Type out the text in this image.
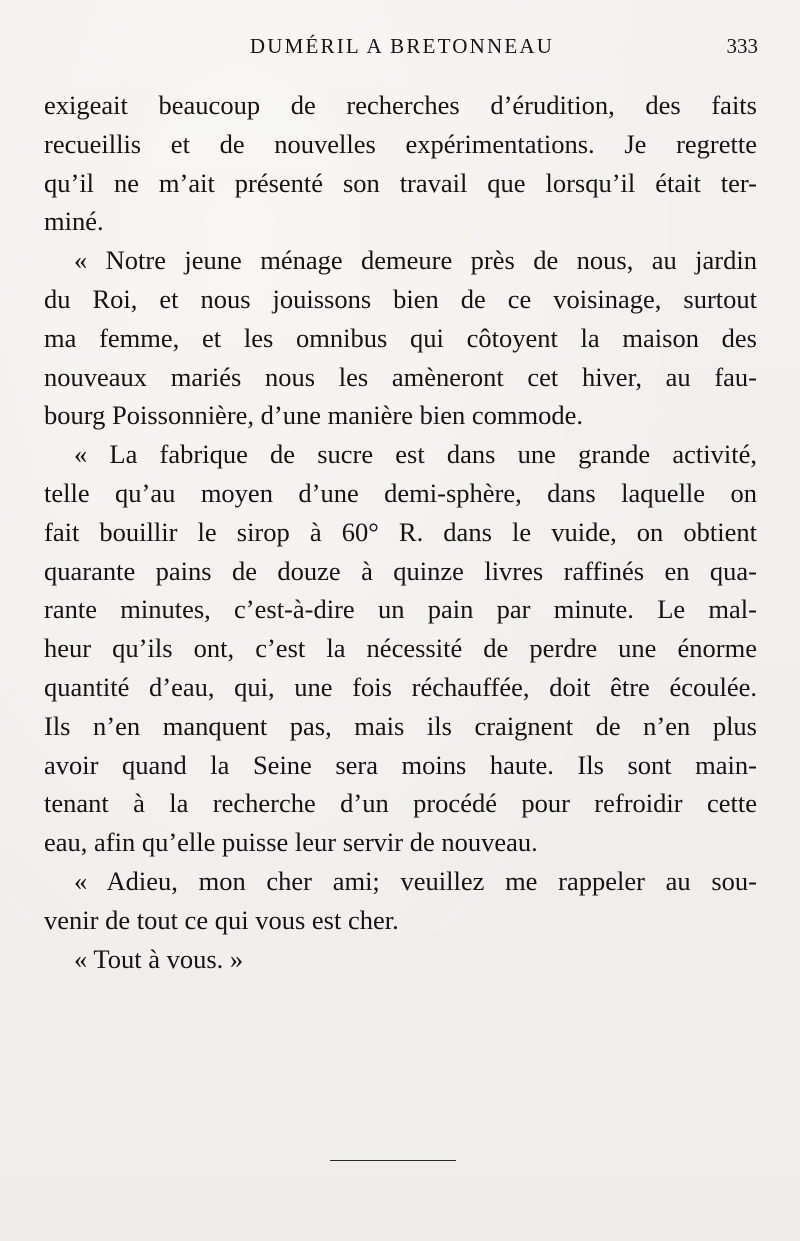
DUMÉRIL A BRETONNEAU	333
exigeait beaucoup de recherches d’érudition, des faits
recueillis et de nouvelles expérimentations. Je regrette
qu’il ne m’ait présenté son travail que lorsqu’il était ter-
miné.
« Notre jeune ménage demeure près de nous, au jardin
du Roi, et nous jouissons bien de ce voisinage, surtout
ma femme, et les omnibus qui côtoyent la maison des
nouveaux mariés nous les amèneront cet hiver, au fau-
bourg Poissonnière, d’une manière bien commode.
« La fabrique de sucre est dans une grande activité,
telle qu’au moyen d’une demi-sphère, dans laquelle on
fait bouillir le sirop à 60° R. dans le vuide, on obtient
quarante pains de douze à quinze livres raffinés en qua-
rante minutes, c’est-à-dire un pain par minute. Le mal-
heur qu’ils ont, c’est la nécessité de perdre une énorme
quantité d’eau, qui, une fois réchauffée, doit être écoulée.
Ils n’en manquent pas, mais ils craignent de n’en plus
avoir quand la Seine sera moins haute. Ils sont main-
tenant à la recherche d’un procédé pour refroidir cette
eau, afin qu’elle puisse leur servir de nouveau.
« Adieu, mon cher ami; veuillez me rappeler au sou-
venir de tout ce qui vous est cher.
« Tout à vous. »
